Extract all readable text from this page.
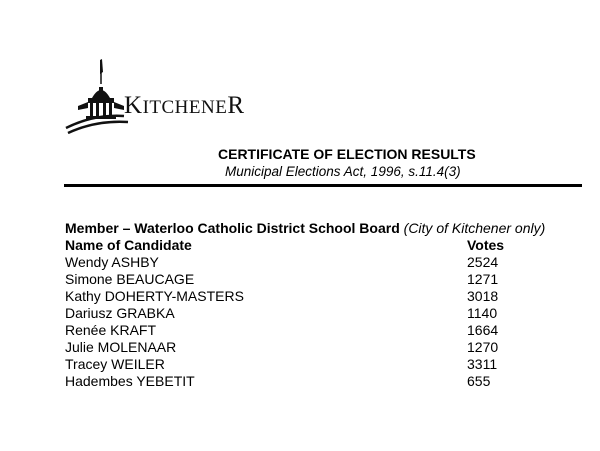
KITCHENER
CERTIFICATE OF ELECTION RESULTS
Municipal Elections Act, 1996, s.11.4(3)
Member – Waterloo Catholic District School Board (City of Kitchener only)
Name of Candidate	Votes
Wendy ASHBY	2524
Simone BEAUCAGE	1271
Kathy DOHERTY-MASTERS	3018
Dariusz GRABKA	1140
Renée KRAFT	1664
Julie MOLENAAR	1270
Tracey WEILER	3311
Hadembes YEBETIT	655
